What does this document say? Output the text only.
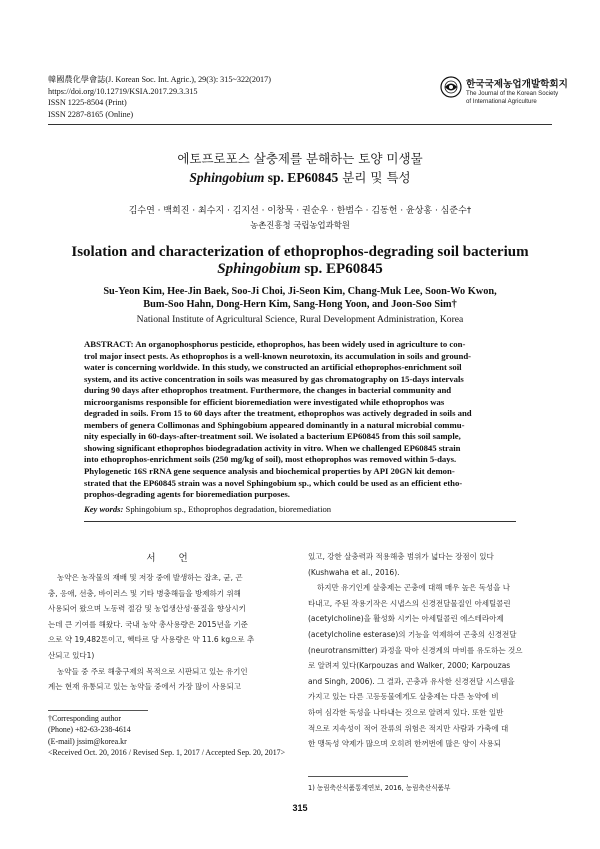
韓國農化學會誌(J. Korean Soc. Int. Agric.), 29(3): 315~322(2017)
https://doi.org/10.12719/KSIA.2017.29.3.315
ISSN 1225-8504 (Print)
ISSN 2287-8165 (Online)
한국국제농업개발학회지
The Journal of the Korean Society
of International Agriculture
에토프로포스 살충제를 분해하는 토양 미생물
Sphingobium sp. EP60845 분리 및 특성
김수연 · 백희진 · 최수지 · 김지선 · 이창묵 · 권순우 · 한범수 · 김동헌 · 윤상홍 · 심준수†
농촌진흥청 국립농업과학원
Isolation and characterization of ethoprophos-degrading soil bacterium
Sphingobium sp. EP60845
Su-Yeon Kim, Hee-Jin Baek, Soo-Ji Choi, Ji-Seon Kim, Chang-Muk Lee, Soon-Wo Kwon,
Bum-Soo Hahn, Dong-Hern Kim, Sang-Hong Yoon, and Joon-Soo Sim†
National Institute of Agricultural Science, Rural Development Administration, Korea
ABSTRACT: An organophosphorus pesticide, ethoprophos, has been widely used in agriculture to con-
trol major insect pests. As ethoprophos is a well-known neurotoxin, its accumulation in soils and ground-
water is concerning worldwide. In this study, we constructed an artificial ethoprophos-enrichment soil
system, and its active concentration in soils was measured by gas chromatography on 15-days intervals
during 90 days after ethoprophos treatment. Furthermore, the changes in bacterial community and
microorganisms responsible for efficient bioremediation were investigated while ethoprophos was
degraded in soils. From 15 to 60 days after the treatment, ethoprophos was actively degraded in soils and
members of genera Collimonas and Sphingobium appeared dominantly in a natural microbial commu-
nity especially in 60-days-after-treatment soil. We isolated a bacterium EP60845 from this soil sample,
showing significant ethoprophos biodegradation activity in vitro. When we challenged EP60845 strain
into ethoprophos-enrichment soils (250 mg/kg of soil), most ethoprophos was removed within 5-days.
Phylogenetic 16S rRNA gene sequence analysis and biochemical properties by API 20GN kit demon-
strated that the EP60845 strain was a novel Sphingobium sp., which could be used as an efficient etho-
prophos-degrading agents for bioremediation purposes.
Key words: Sphingobium sp., Ethoprophos degradation, bioremediation
서 언
농약은 농작물의 재배 및 저장 중에 발생하는 잡초, 균, 곤
충, 응애, 선충, 바이러스 및 기타 병충해들을 방제하기 위해
사용되어 왔으며 노동력 절감 및 농업생산성·품질을 향상시키
는데 큰 기여를 해왔다. 국내 농약 총사용량은 2015년을 기준
으로 약 19,482톤이고, 헥타르 당 사용량은 약 11.6 kg으로 추
산되고 있다1)
농약들 중 주로 해충구제의 목적으로 시판되고 있는 유기인
계는 현재 유통되고 있는 농약들 중에서 가장 많이 사용되고
있고, 강한 살충력과 적용해충 범위가 넓다는 장점이 있다
(Kushwaha et al., 2016).
하지만 유기인계 살충제는 곤충에 대해 매우 높은 독성을 나
타내고, 주된 작용기작은 시냅스의 신경전달물질인 아세틸콜린
(acetylcholine)을 활성화 시키는 아세틸콜린 에스테라아제
(acetylcholine esterase)의 기능을 억제하여 곤충의 신경전달
(neurotransmitter) 과정을 막아 신경계의 마비를 유도하는 것으
로 알려져 있다(Karpouzas and Walker, 2000; Karpouzas
and Singh, 2006). 그 결과, 곤충과 유사한 신경전달 시스템을
가지고 있는 다른 고등동물에게도 살충제는 다른 농약에 비
하여 심각한 독성을 나타내는 것으로 알려져 있다. 또한 일반
적으로 지속성이 적어 잔류의 위험은 적지만 사람과 가축에 대
한 맹독성 약제가 많으며 오히려 한꺼번에 많은 양이 사용되
†Corresponding author
(Phone) +82-63-238-4614
(E-mail) jssim@korea.kr
<Received Oct. 20, 2016 / Revised Sep. 1, 2017 / Accepted Sep. 20, 2017>
1) 농림축산식품통계연보, 2016, 농림축산식품부
315
